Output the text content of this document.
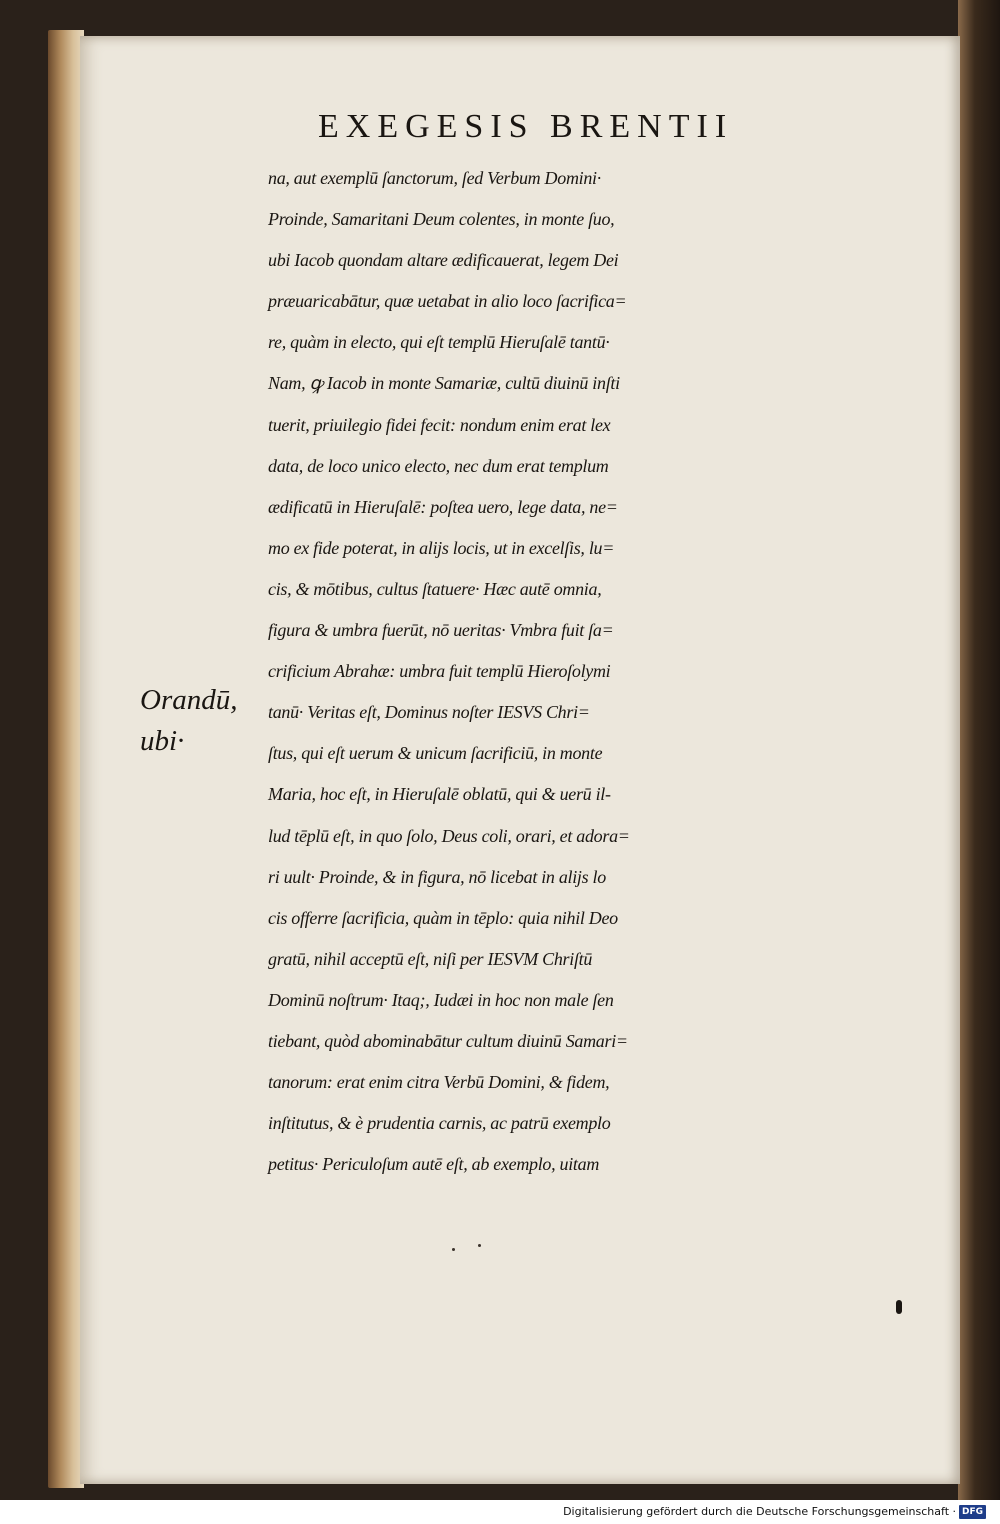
EXEGESIS BRENTII
Orandū,
ubi·
na, aut exemplū ſanctorum, ſed Verbum Domini·
Proinde, Samaritani Deum colentes, in monte ſuo,
ubi Iacob quondam altare ædificauerat, legem Dei
præuaricabātur, quæ uetabat in alio loco ſacrifica=
re, quàm in electo, qui eſt templū Hieruſalē tantū·
Nam, ꝙ Iacob in monte Samariæ, cultū diuinū inſti
tuerit, priuilegio fidei fecit: nondum enim erat lex
data, de loco unico electo, nec dum erat templum
ædificatū in Hieruſalē: poſtea uero, lege data, ne=
mo ex fide poterat, in alijs locis, ut in excelſis, lu=
cis, & mōtibus, cultus ſtatuere· Hæc autē omnia,
figura & umbra fuerūt, nō ueritas· Vmbra fuit ſa=
crificium Abrahæ: umbra fuit templū Hieroſolymi
tanū· Veritas eſt, Dominus noſter IESVS Chri=
ſtus, qui eſt uerum & unicum ſacrificiū, in monte
Maria, hoc eſt, in Hieruſalē oblatū, qui & uerū il-
lud tēplū eſt, in quo ſolo, Deus coli, orari, et adora=
ri uult· Proinde, & in figura, nō licebat in alijs lo
cis offerre ſacrificia, quàm in tēplo: quia nihil Deo
gratū, nihil acceptū eſt, niſi per IESVM Chriſtū
Dominū noſtrum· Itaq;, Iudæi in hoc non male ſen
tiebant, quòd abominabātur cultum diuinū Samari=
tanorum: erat enim citra Verbū Domini, & fidem,
inſtitutus, & è prudentia carnis, ac patrū exemplo
petitus· Periculoſum autē eſt, ab exemplo, uitam
Digitalisierung gefördert durch die Deutsche Forschungsgemeinschaft · DFG
